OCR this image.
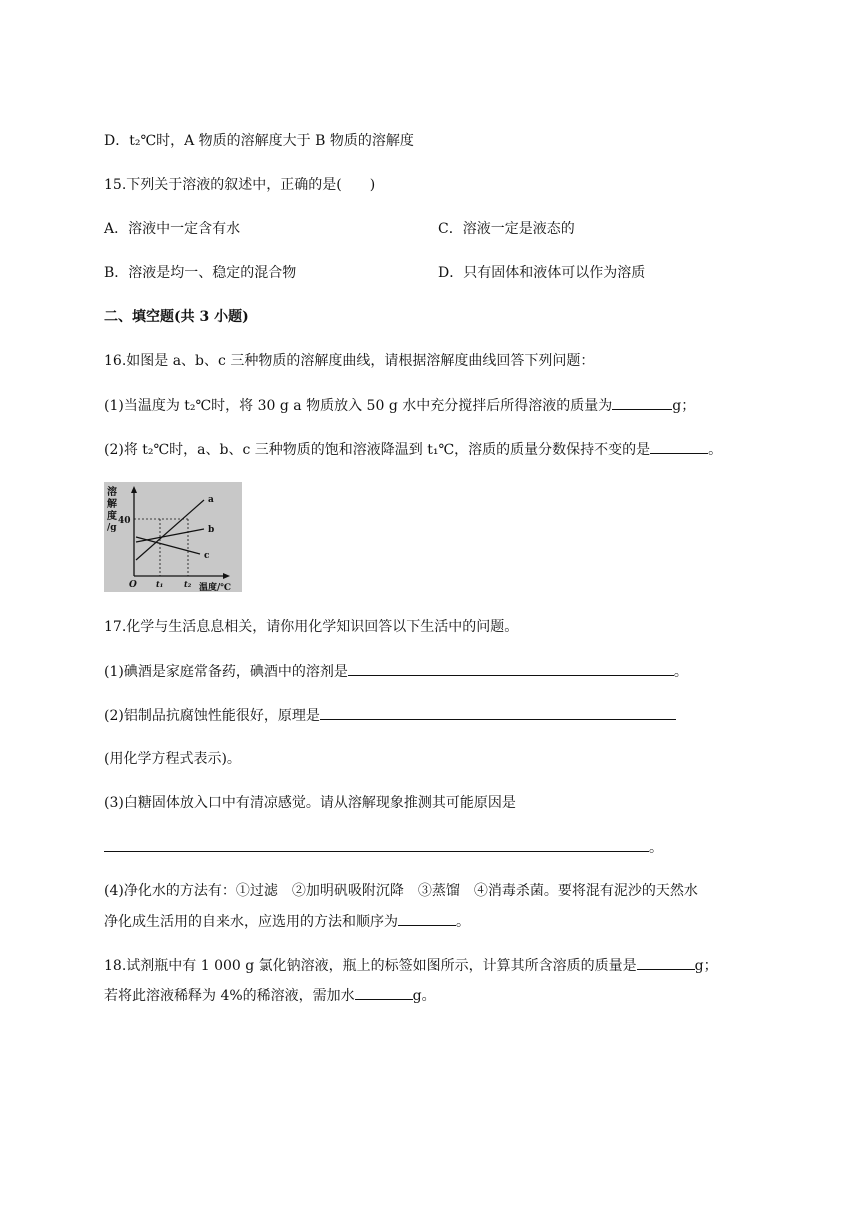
D．t₂℃时，A 物质的溶解度大于 B 物质的溶解度
15.下列关于溶液的叙述中，正确的是(　　)
A．溶液中一定含有水	C．溶液一定是液态的
B．溶液是均一、稳定的混合物	D．只有固体和液体可以作为溶质
二、填空题(共 3 小题)
16.如图是 a、b、c 三种物质的溶解度曲线，请根据溶解度曲线回答下列问题：
(1)当温度为 t₂℃时，将 30 g a 物质放入 50 g 水中充分搅拌后所得溶液的质量为	g；
(2)将 t₂℃时，a、b、c 三种物质的饱和溶液降温到 t₁℃，溶质的质量分数保持不变的是	。
溶
解
度
/g
40
a
b
c
O t₁	t₂ 温度/℃
17.化学与生活息息相关，请你用化学知识回答以下生活中的问题。
(1)碘酒是家庭常备药，碘酒中的溶剂是	。
(2)铝制品抗腐蚀性能很好，原理是
(用化学方程式表示)。
(3)白糖固体放入口中有清凉感觉。请从溶解现象推测其可能原因是
。
(4)净化水的方法有：①过滤　②加明矾吸附沉降　③蒸馏　④消毒杀菌。要将混有泥沙的天然水
净化成生活用的自来水，应选用的方法和顺序为	。
18.试剂瓶中有 1 000 g 氯化钠溶液，瓶上的标签如图所示，计算其所含溶质的质量是	g；
若将此溶液稀释为 4%的稀溶液，需加水	g。
